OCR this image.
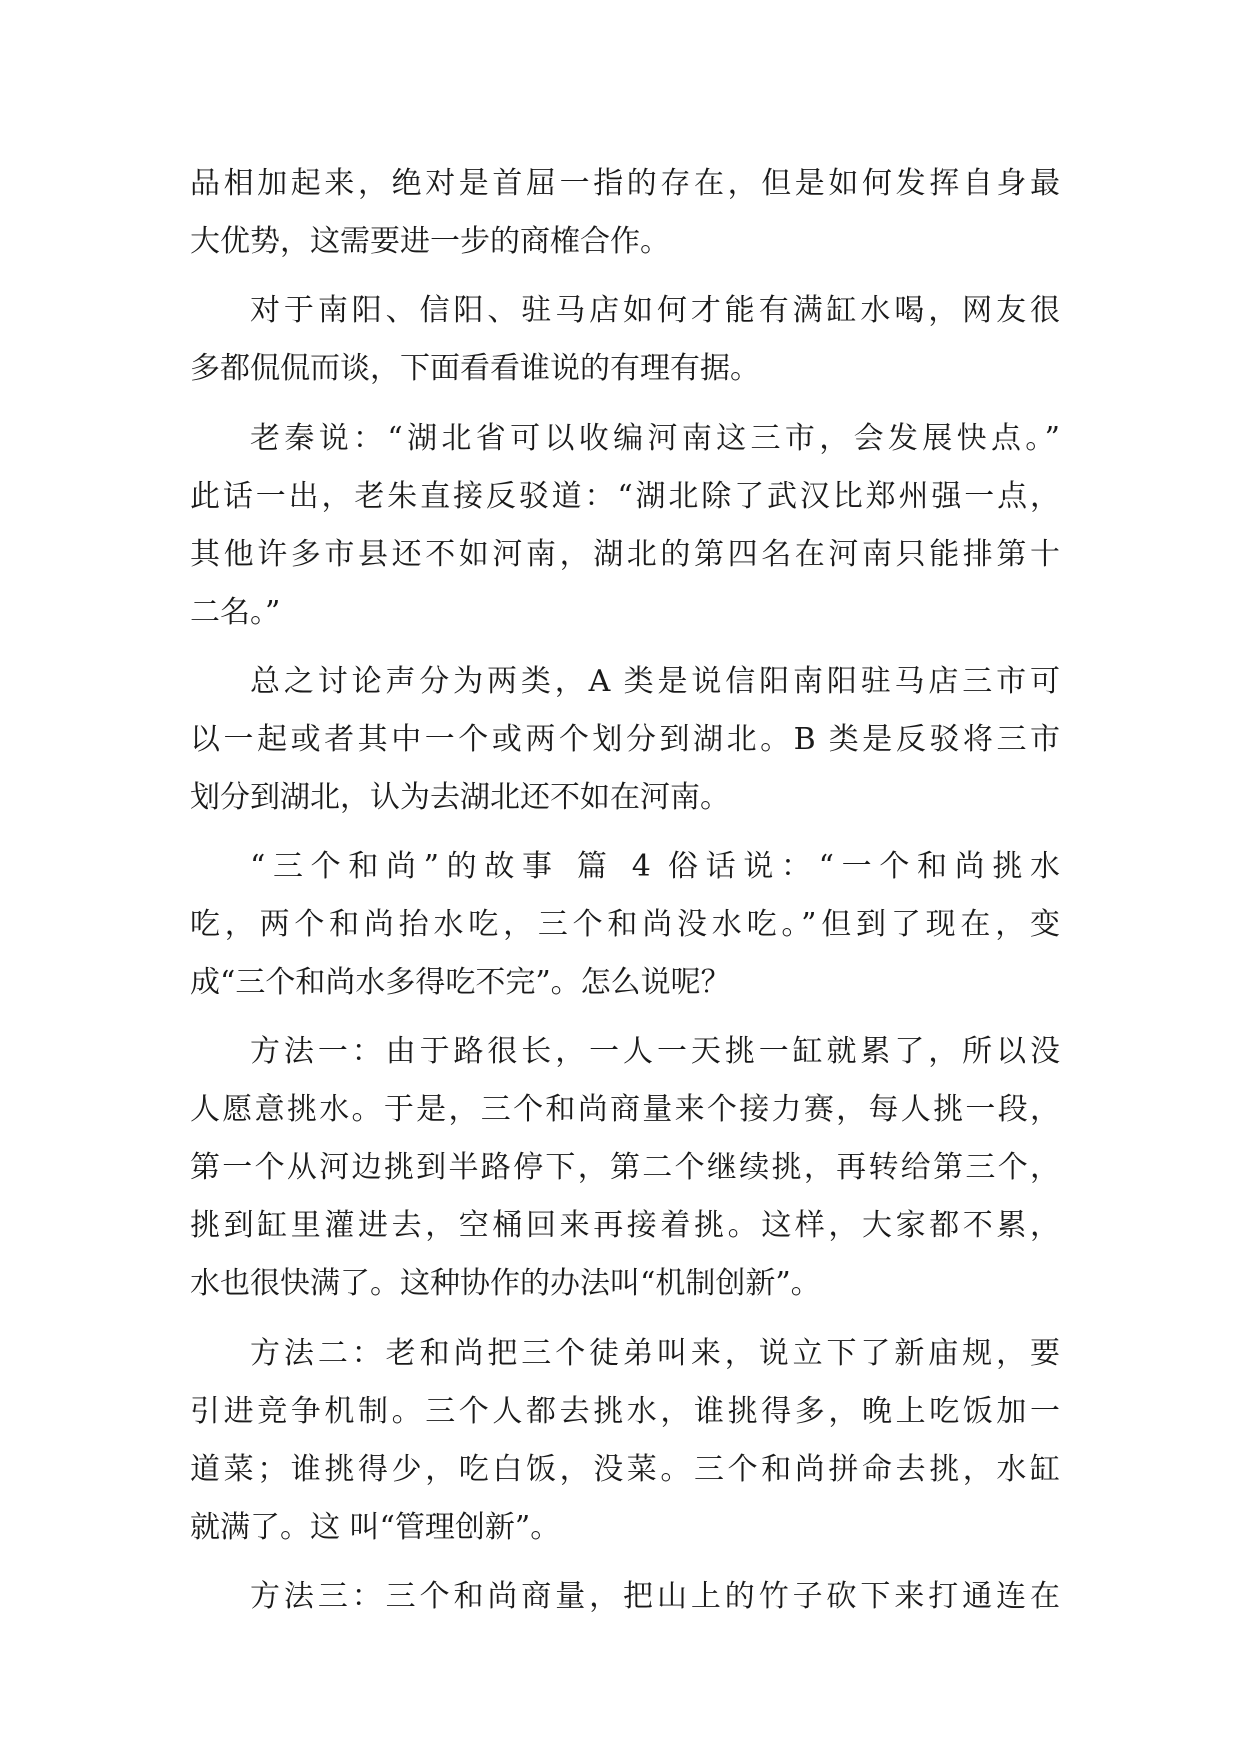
品相加起来，绝对是首屈一指的存在，但是如何发挥自身最
大优势，这需要进一步的商榷合作。
对于南阳、信阳、驻马店如何才能有满缸水喝，网友很
多都侃侃而谈，下面看看谁说的有理有据。
老秦说：“湖北省可以收编河南这三市，会发展快点。”
此话一出，老朱直接反驳道：“湖北除了武汉比郑州强一点，
其他许多市县还不如河南，湖北的第四名在河南只能排第十
二名。”
总之讨论声分为两类，A 类是说信阳南阳驻马店三市可
以一起或者其中一个或两个划分到湖北。B 类是反驳将三市
划分到湖北，认为去湖北还不如在河南。
“三个和尚”的故事 篇 4 俗话说：“一个和尚挑水
吃，两个和尚抬水吃，三个和尚没水吃。”但到了现在，变
成“三个和尚水多得吃不完”。怎么说呢？
方法一：由于路很长，一人一天挑一缸就累了，所以没
人愿意挑水。于是，三个和尚商量来个接力赛，每人挑一段，
第一个从河边挑到半路停下，第二个继续挑，再转给第三个，
挑到缸里灌进去，空桶回来再接着挑。这样，大家都不累，
水也很快满了。这种协作的办法叫“机制创新”。
方法二：老和尚把三个徒弟叫来，说立下了新庙规，要
引进竞争机制。三个人都去挑水，谁挑得多，晚上吃饭加一
道菜；谁挑得少，吃白饭，没菜。三个和尚拼命去挑，水缸
就满了。这 叫“管理创新”。
方法三：三个和尚商量，把山上的竹子砍下来打通连在
